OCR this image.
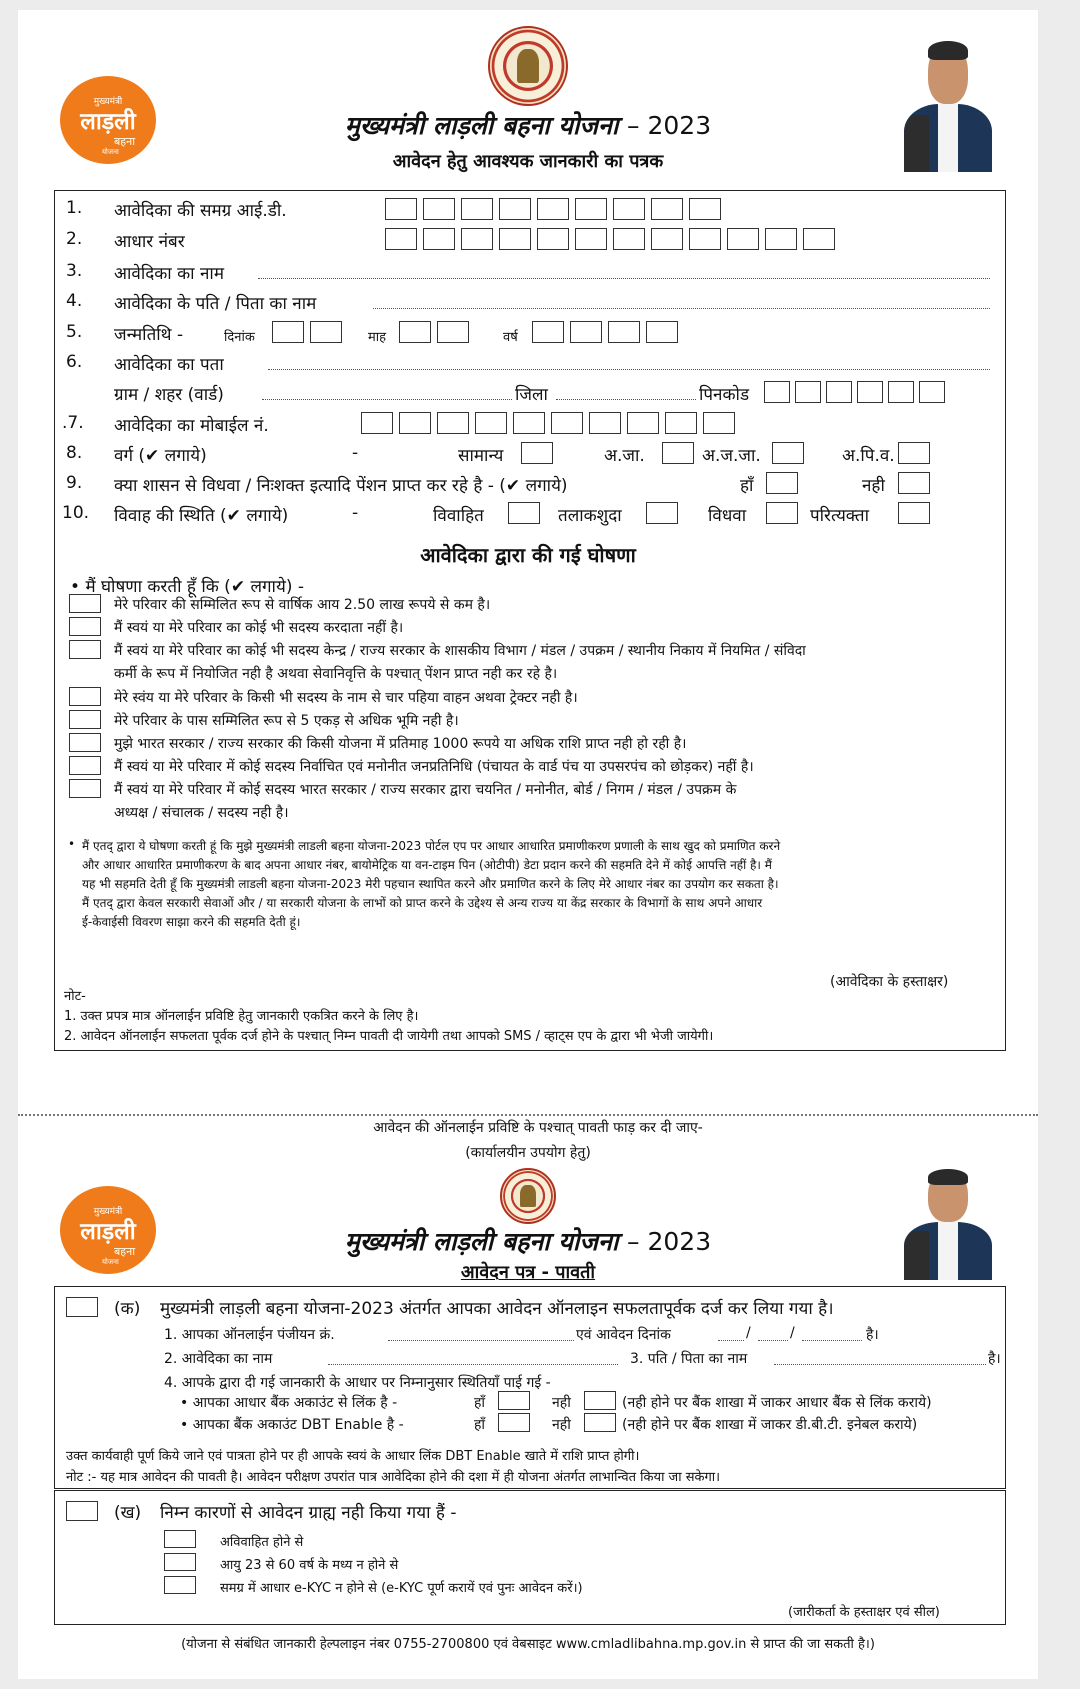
मुख्यमंत्री
लाड़ली
बहना
योजना
मुख्यमंत्री लाड़ली बहना योजना – 2023
आवेदन हेतु आवश्यक जानकारी का पत्रक
1. आवेदिका की समग्र आई.डी.
2. आधार नंबर
3. आवेदिका का नाम
4. आवेदिका के पति / पिता का नाम
5. जन्मतिथि -	दिनांक	माह	वर्ष
6. आवेदिका का पता
ग्राम / शहर (वार्ड)	जिला	पिनकोड
.7. आवेदिका का मोबाईल नं.
8. वर्ग (✔ लगाये)	-	सामान्य	अ.जा.	अ.ज.जा.	अ.पि.व.
9. क्या शासन से विधवा / निःशक्त इत्यादि पेंशन प्राप्त कर रहे है - (✔ लगाये)	हाँ	नही
10. विवाह की स्थिति (✔ लगाये)	-	विवाहित	तलाकशुदा	विधवा	परित्यक्ता
आवेदिका द्वारा की गई घोषणा
• मैं घोषणा करती हूँ कि (✔ लगाये) -
मेरे परिवार की सम्मिलित रूप से वार्षिक आय 2.50 लाख रूपये से कम है।
मैं स्वयं या मेरे परिवार का कोई भी सदस्य करदाता नहीं है।
मैं स्वयं या मेरे परिवार का कोई भी सदस्य केन्द्र / राज्य सरकार के शासकीय विभाग / मंडल / उपक्रम / स्थानीय निकाय में नियमित / संविदा
कर्मी के रूप में नियोजित नही है अथवा सेवानिवृत्ति के पश्चात् पेंशन प्राप्त नही कर रहे है।
मेरे स्वंय या मेरे परिवार के किसी भी सदस्य के नाम से चार पहिया वाहन अथवा ट्रेक्टर नही है।
मेरे परिवार के पास सम्मिलित रूप से 5 एकड़ से अधिक भूमि नही है।
मुझे भारत सरकार / राज्य सरकार की किसी योजना में प्रतिमाह 1000 रूपये या अधिक राशि प्राप्त नही हो रही है।
मैं स्वयं या मेरे परिवार में कोई सदस्य निर्वाचित एवं मनोनीत जनप्रतिनिधि (पंचायत के वार्ड पंच या उपसरपंच को छोड़कर) नहीं है।
मैं स्वयं या मेरे परिवार में कोई सदस्य भारत सरकार / राज्य सरकार द्वारा चयनित / मनोनीत, बोर्ड / निगम / मंडल / उपक्रम के
अध्यक्ष / संचालक / सदस्य नही है।
• मैं एतद् द्वारा ये घोषणा करती हूं कि मुझे मुख्यमंत्री लाडली बहना योजना-2023 पोर्टल एप पर आधार आधारित प्रमाणीकरण प्रणाली के साथ खुद को प्रमाणित करने
और आधार आधारित प्रमाणीकरण के बाद अपना आधार नंबर, बायोमेट्रिक या वन-टाइम पिन (ओटीपी) डेटा प्रदान करने की सहमति देने में कोई आपत्ति नहीं है। मैं
यह भी सहमति देती हूँ कि मुख्यमंत्री लाडली बहना योजना-2023 मेरी पहचान स्थापित करने और प्रमाणित करने के लिए मेरे आधार नंबर का उपयोग कर सकता है।
मैं एतद् द्वारा केवल सरकारी सेवाओं और / या सरकारी योजना के लाभों को प्राप्त करने के उद्देश्य से अन्य राज्य या केंद्र सरकार के विभागों के साथ अपने आधार
ई-केवाईसी विवरण साझा करने की सहमति देती हूं।
(आवेदिका के हस्ताक्षर)
नोट-
1. उक्त प्रपत्र मात्र ऑनलाईन प्रविष्टि हेतु जानकारी एकत्रित करने के लिए है।
2. आवेदन ऑनलाईन सफलता पूर्वक दर्ज होने के पश्चात् निम्न पावती दी जायेगी तथा आपको SMS / व्हाट्स एप के द्वारा भी भेजी जायेगी।
आवेदन की ऑनलाईन प्रविष्टि के पश्चात् पावती फाड़ कर दी जाए-
(कार्यालयीन उपयोग हेतु)
मुख्यमंत्री
लाड़ली
बहना
योजना
मुख्यमंत्री लाड़ली बहना योजना – 2023
आवेदन पत्र - पावती
(क) मुख्यमंत्री लाड़ली बहना योजना-2023 अंतर्गत आपका आवेदन ऑनलाइन सफलतापूर्वक दर्ज कर लिया गया है।
1. आपका ऑनलाईन पंजीयन क्रं.	एवं आवेदन दिनांक	/	/	है।
2. आवेदिका का नाम	3. पति / पिता का नाम	है।
4. आपके द्वारा दी गई जानकारी के आधार पर निम्नानुसार स्थितियाँ पाई गई -
• आपका आधार बैंक अकाउंट से लिंक है -	हाँ	नही	(नही होने पर बैंक शाखा में जाकर आधार बैंक से लिंक कराये)
• आपका बैंक अकाउंट DBT Enable है -	हाँ	नही	(नही होने पर बैंक शाखा में जाकर डी.बी.टी. इनेबल कराये)
उक्त कार्यवाही पूर्ण किये जाने एवं पात्रता होने पर ही आपके स्वयं के आधार लिंक DBT Enable खाते में राशि प्राप्त होगी।
नोट :- यह मात्र आवेदन की पावती है। आवेदन परीक्षण उपरांत पात्र आवेदिका होने की दशा में ही योजना अंतर्गत लाभान्वित किया जा सकेगा।
(ख) निम्न कारणों से आवेदन ग्राह्य नही किया गया हैं -
अविवाहित होने से
आयु 23 से 60 वर्ष के मध्य न होने से
समग्र में आधार e-KYC न होने से (e-KYC पूर्ण करायें एवं पुनः आवेदन करें।)
(जारीकर्ता के हस्ताक्षर एवं सील)
(योजना से संबंधित जानकारी हेल्पलाइन नंबर 0755-2700800 एवं वेबसाइट www.cmladlibahna.mp.gov.in से प्राप्त की जा सकती है।)
